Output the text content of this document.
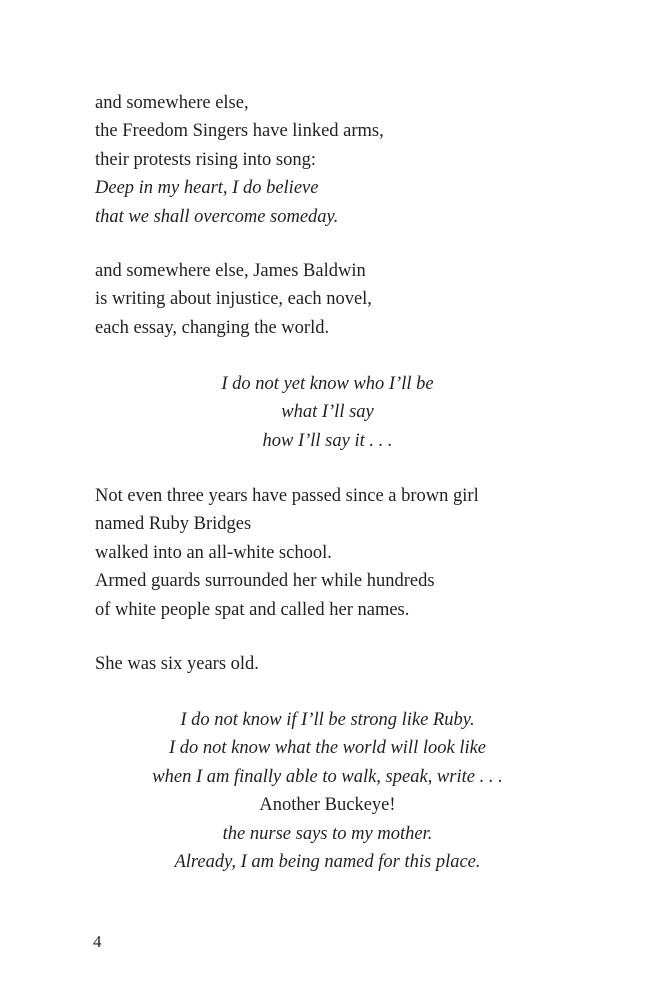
and somewhere else,
the Freedom Singers have linked arms,
their protests rising into song:
Deep in my heart, I do believe
that we shall overcome someday.
and somewhere else, James Baldwin
is writing about injustice, each novel,
each essay, changing the world.
I do not yet know who I’ll be
what I’ll say
how I’ll say it . . .
Not even three years have passed since a brown girl
named Ruby Bridges
walked into an all-white school.
Armed guards surrounded her while hundreds
of white people spat and called her names.
She was six years old.
I do not know if I’ll be strong like Ruby.
I do not know what the world will look like
when I am finally able to walk, speak, write . . .
Another Buckeye!
the nurse says to my mother.
Already, I am being named for this place.
4
